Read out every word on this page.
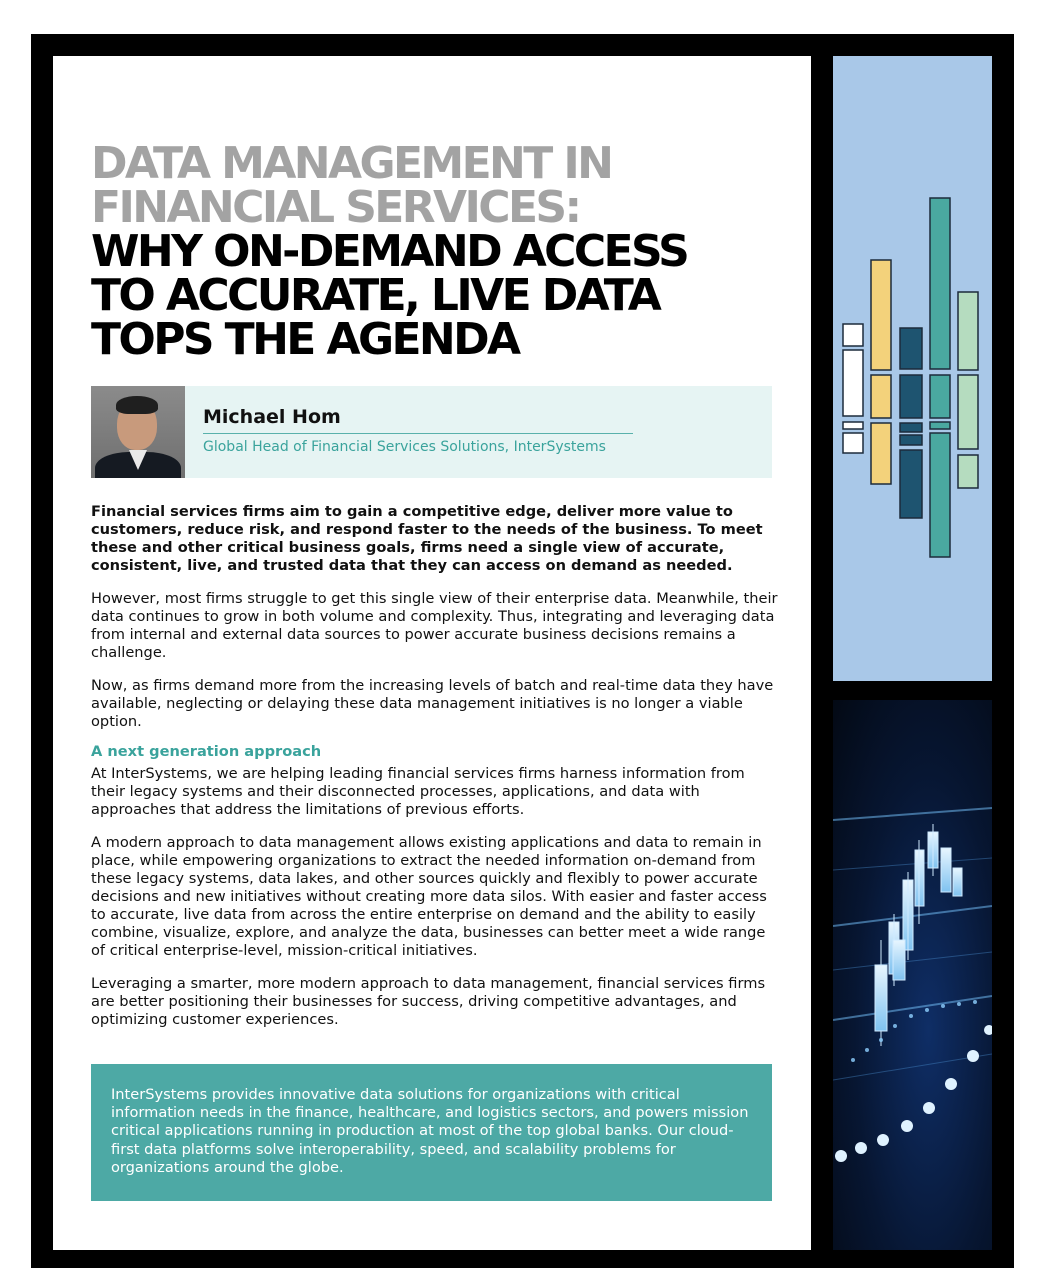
DATA MANAGEMENT IN
FINANCIAL SERVICES:
WHY ON-DEMAND ACCESS
TO ACCURATE, LIVE DATA
TOPS THE AGENDA
Michael Hom
Global Head of Financial Services Solutions, InterSystems

Financial services firms aim to gain a competitive edge, deliver more value to customers, reduce risk, and respond faster to the needs of the business. To meet these and other critical business goals, firms need a single view of accurate, consistent, live, and trusted data that they can access on demand as needed.

However, most firms struggle to get this single view of their enterprise data. Meanwhile, their data continues to grow in both volume and complexity. Thus, integrating and leveraging data from internal and external data sources to power accurate business decisions remains a challenge.

Now, as firms demand more from the increasing levels of batch and real-time data they have available, neglecting or delaying these data management initiatives is no longer a viable option.

A next generation approach

At InterSystems, we are helping leading financial services firms harness information from their legacy systems and their disconnected processes, applications, and data with approaches that address the limitations of previous efforts.

A modern approach to data management allows existing applications and data to remain in place, while empowering organizations to extract the needed information on-demand from these legacy systems, data lakes, and other sources quickly and flexibly to power accurate decisions and new initiatives without creating more data silos. With easier and faster access to accurate, live data from across the entire enterprise on demand and the ability to easily combine, visualize, explore, and analyze the data, businesses can better meet a wide range of critical enterprise-level, mission-critical initiatives.

Leveraging a smarter, more modern approach to data management, financial services firms are better positioning their businesses for success, driving competitive advantages, and optimizing customer experiences.

InterSystems provides innovative data solutions for organizations with critical information needs in the finance, healthcare, and logistics sectors, and powers mission critical applications running in production at most of the top global banks. Our cloud-first data platforms solve interoperability, speed, and scalability problems for organizations around the globe.
